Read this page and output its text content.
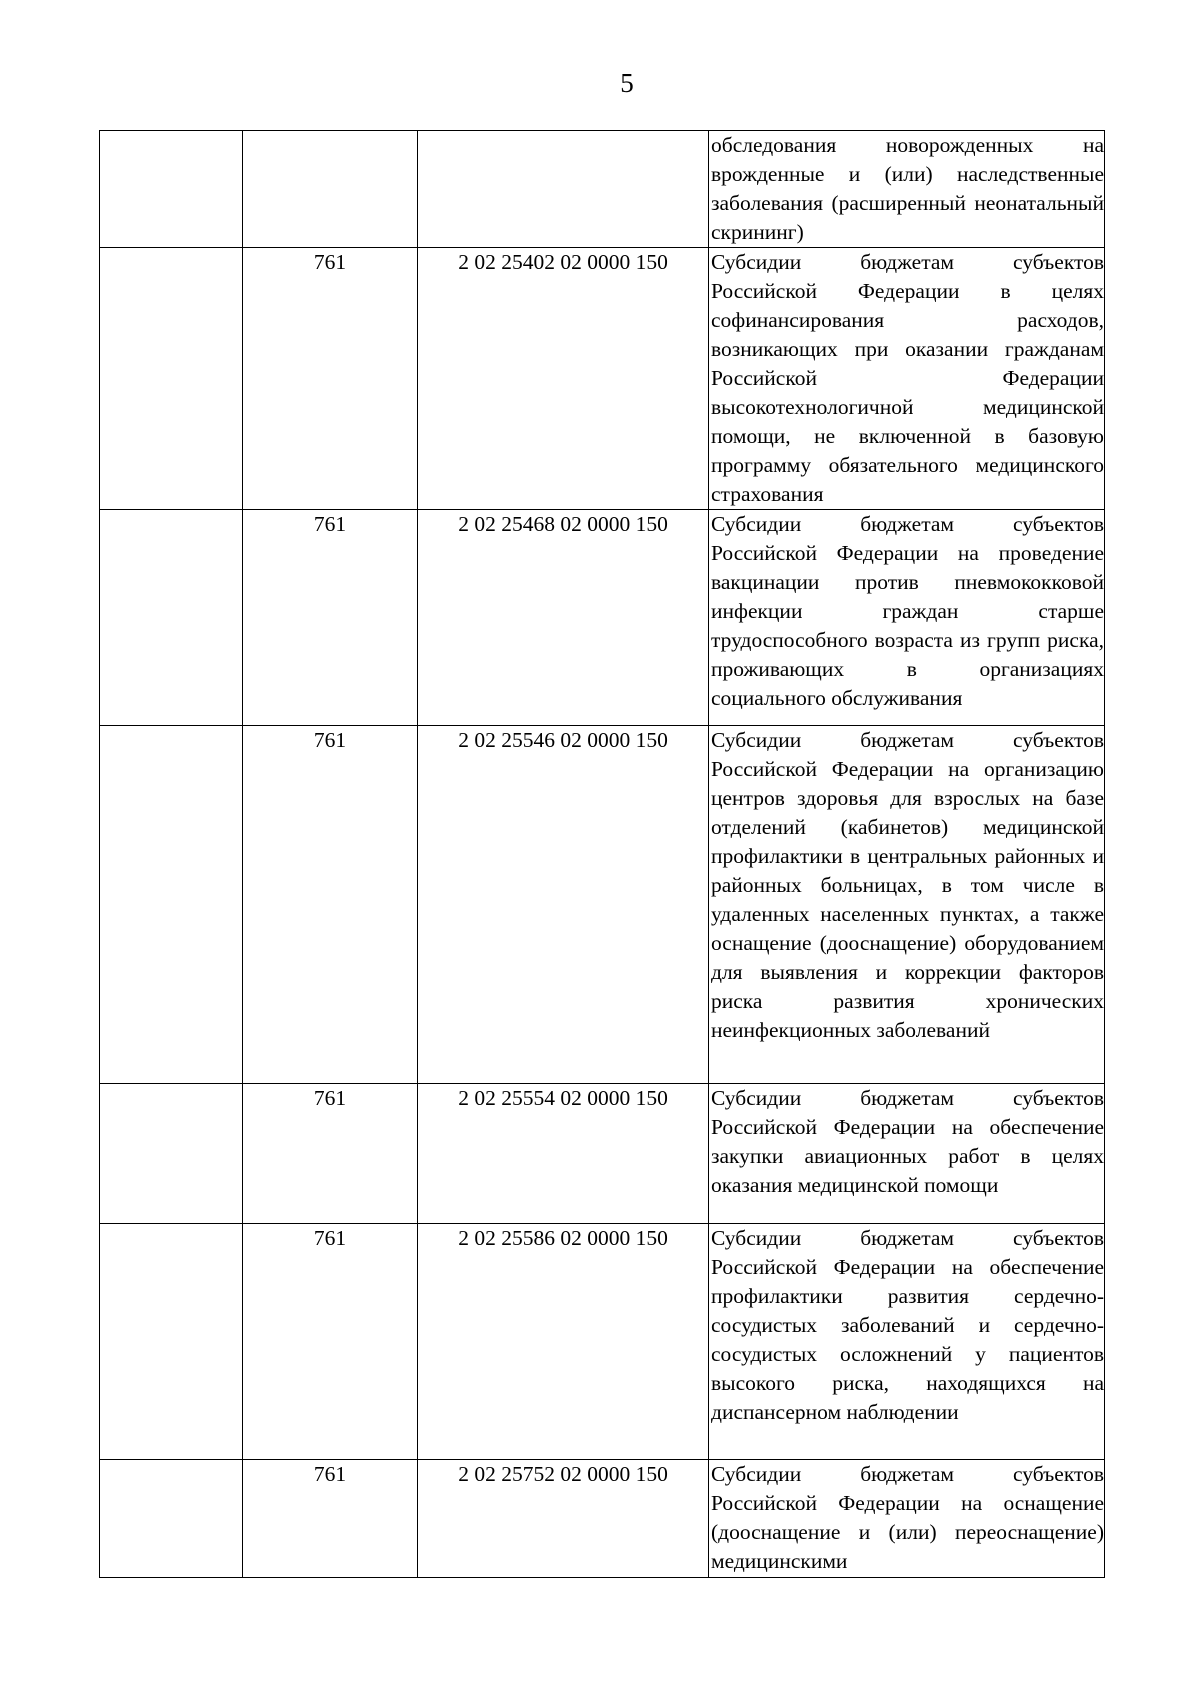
5

			обследования новорожденных на врожденные и (или) наследственные заболевания (расширенный неонатальный скрининг)

	761	2 02 25402 02 0000 150	Субсидии бюджетам субъектов Российской Федерации в целях софинансирования расходов, возникающих при оказании гражданам Российской Федерации высокотехнологичной медицинской помощи, не включенной в базовую программу обязательного медицинского страхования

	761	2 02 25468 02 0000 150	Субсидии бюджетам субъектов Российской Федерации на проведение вакцинации против пневмококковой инфекции граждан старше трудоспособного возраста из групп риска, проживающих в организациях социального обслуживания

	761	2 02 25546 02 0000 150	Субсидии бюджетам субъектов Российской Федерации на организацию центров здоровья для взрослых на базе отделений (кабинетов) медицинской профилактики в центральных районных и районных больницах, в том числе в удаленных населенных пунктах, а также оснащение (дооснащение) оборудованием для выявления и коррекции факторов риска развития хронических неинфекционных заболеваний

	761	2 02 25554 02 0000 150	Субсидии бюджетам субъектов Российской Федерации на обеспечение закупки авиационных работ в целях оказания медицинской помощи

	761	2 02 25586 02 0000 150	Субсидии бюджетам субъектов Российской Федерации на обеспечение профилактики развития сердечно-сосудистых заболеваний и сердечно-сосудистых осложнений у пациентов высокого риска, находящихся на диспансерном наблюдении

	761	2 02 25752 02 0000 150	Субсидии бюджетам субъектов Российской Федерации на оснащение (дооснащение и (или) переоснащение) медицинскими
